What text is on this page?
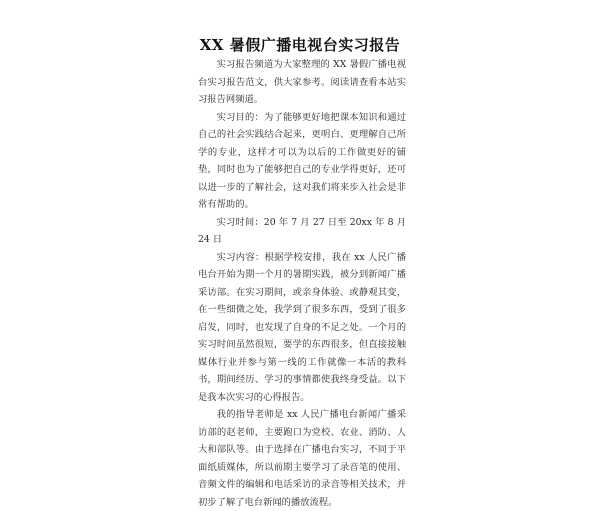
XX 暑假广播电视台实习报告

实习报告频道为大家整理的 XX 暑假广播电视台实习报告范文，供大家参考。阅读请查看本站实习报告网频道。

实习目的：为了能够更好地把课本知识和通过自己的社会实践结合起来，更明白、更理解自己所学的专业，这样才可以为以后的工作做更好的铺垫，同时也为了能够把自己的专业学得更好，还可以进一步的了解社会，这对我们将来步入社会是非常有帮助的。

实习时间：20 年 7 月 27 日至 20xx 年 8 月 24 日

实习内容：根据学校安排，我在 xx 人民广播电台开始为期一个月的暑期实践，被分到新闻广播采访部。在实习期间，或亲身体验、或静观其变，在一些细微之处，我学到了很多东西，受到了很多启发，同时，也发现了自身的不足之处。一个月的实习时间虽然很短，要学的东西很多，但直接接触媒体行业并参与第一线的工作就像一本活的教科书，期间经历、学习的事情都使我终身受益。以下是我本次实习的心得报告。

我的指导老师是 xx 人民广播电台新闻广播采访部的赵老师，主要跑口为党校、农业、消防、人大和部队等。由于选择在广播电台实习，不同于平面纸质媒体，所以前期主要学习了录音笔的使用、音频文件的编辑和电话采访的录音等相关技术，并初步了解了电台新闻的播放流程。
